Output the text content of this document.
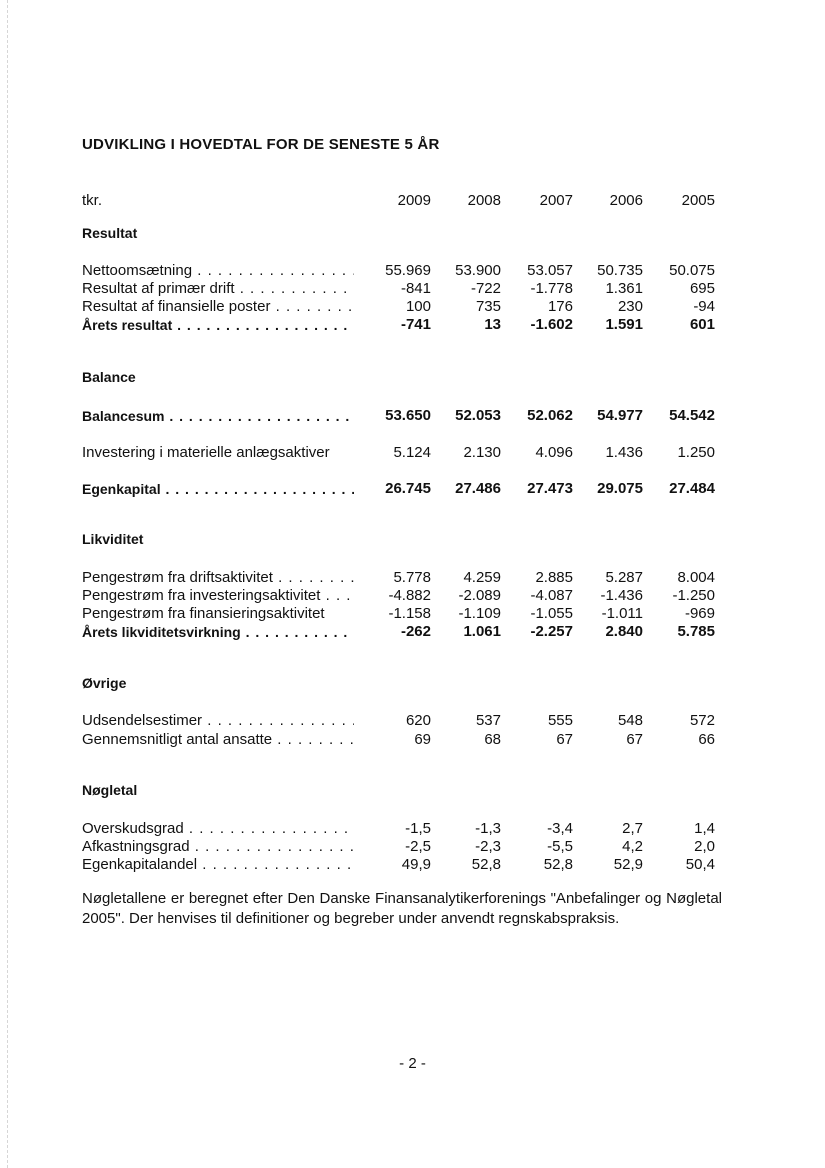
UDVIKLING I HOVEDTAL FOR DE SENESTE 5 ÅR
tkr.	2009	2008	2007	2006	2005
Resultat
Nettoomsætning . . .	55.969	53.900	53.057	50.735	50.075
Resultat af primær drift . . .	-841	-722	-1.778	1.361	695
Resultat af finansielle poster . . .	100	735	176	230	-94
Årets resultat . . .	-741	13	-1.602	1.591	601
Balance
Balancesum . . .	53.650	52.053	52.062	54.977	54.542
Investering i materielle anlægsaktiver	5.124	2.130	4.096	1.436	1.250
Egenkapital . . .	26.745	27.486	27.473	29.075	27.484
Likviditet
Pengestrøm fra driftsaktivitet . . .	5.778	4.259	2.885	5.287	8.004
Pengestrøm fra investeringsaktivitet . . .	-4.882	-2.089	-4.087	-1.436	-1.250
Pengestrøm fra finansieringsaktivitet	-1.158	-1.109	-1.055	-1.011	-969
Årets likviditetsvirkning . . .	-262	1.061	-2.257	2.840	5.785
Øvrige
Udsendelsestimer . . .	620	537	555	548	572
Gennemsnitligt antal ansatte . . .	69	68	67	67	66
Nøgletal
Overskudsgrad . . .	-1,5	-1,3	-3,4	2,7	1,4
Afkastningsgrad . . .	-2,5	-2,3	-5,5	4,2	2,0
Egenkapitalandel . . .	49,9	52,8	52,8	52,9	50,4
Nøgletallene er beregnet efter Den Danske Finansanalytikerforenings "Anbefalinger og Nøgletal 2005". Der henvises til definitioner og begreber under anvendt regnskabspraksis.
- 2 -
